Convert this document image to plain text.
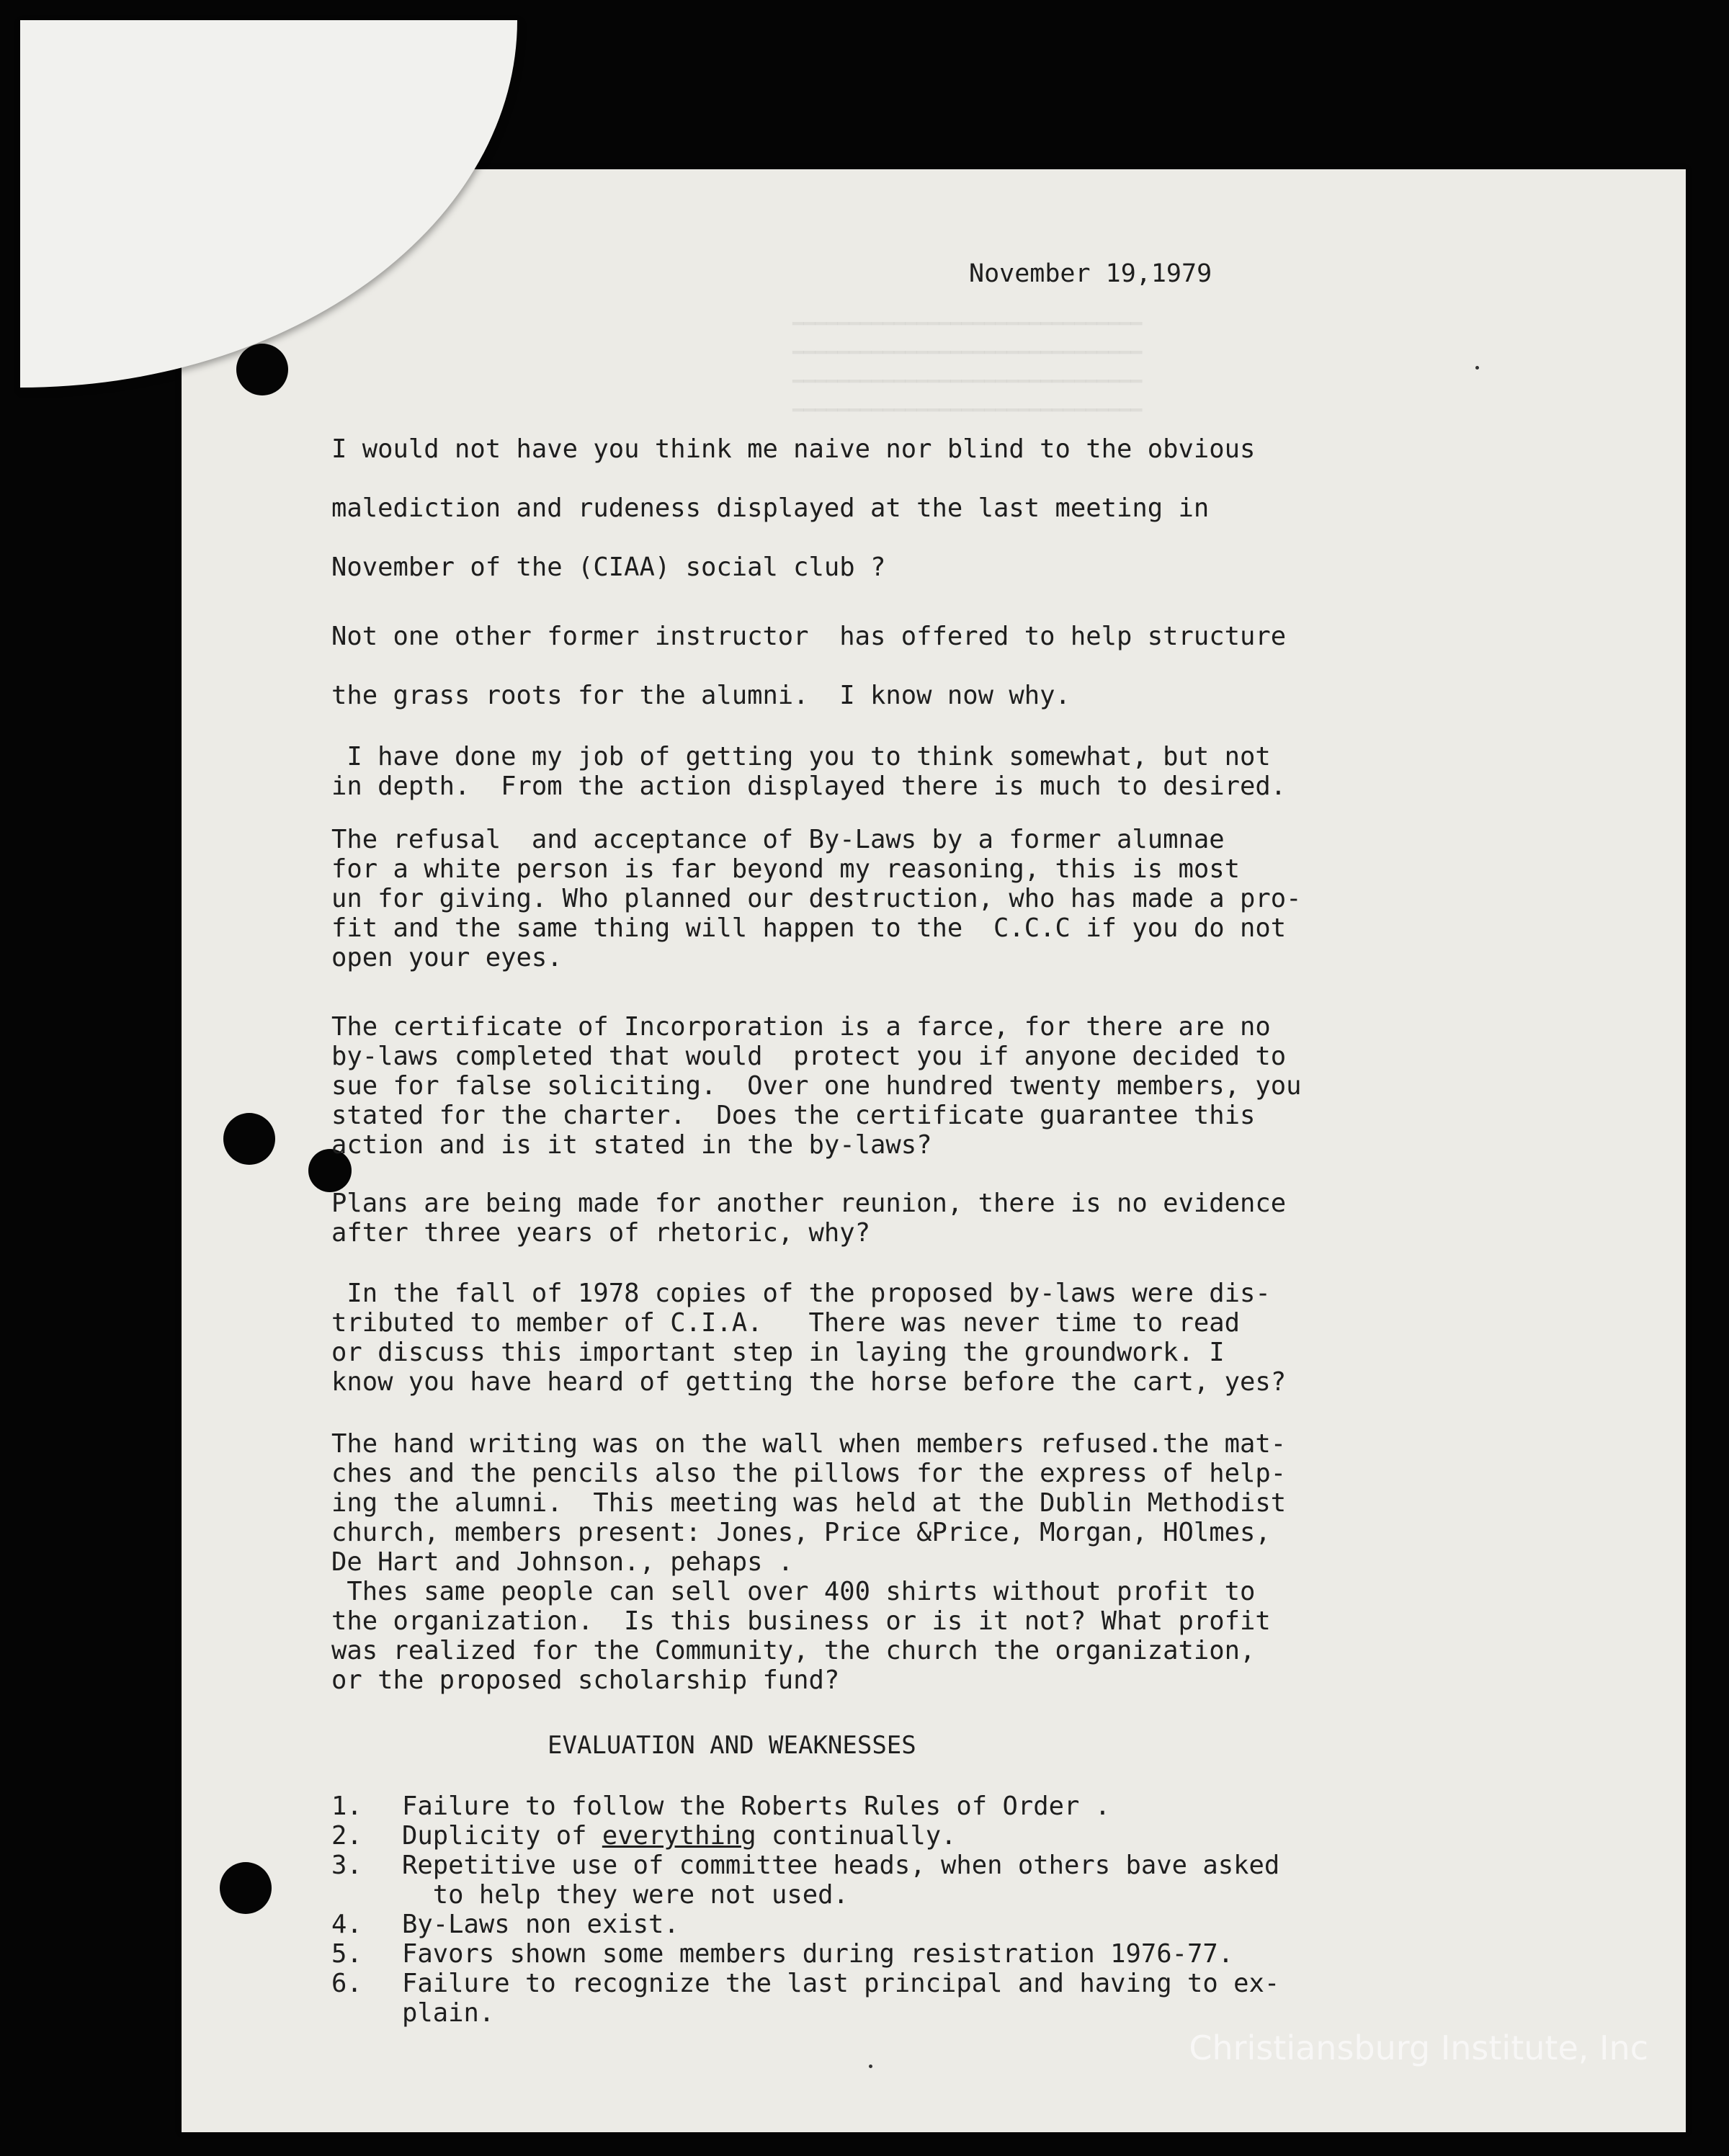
━━━━━━━━━━━━━━━━━━━━━━━━━━━━━━━
━━━━━━━━━━━━━━━━━━━━━━━━━━━━━━━
━━━━━━━━━━━━━━━━━━━━━━━━━━━━━━━
━━━━━━━━━━━━━━━━━━━━━━━━━━━━━━━
November 19,1979
I would not have you think me naive nor blind to the obvious
malediction and rudeness displayed at the last meeting in
November of the (CIAA) social club ?
Not one other former instructor  has offered to help structure
the grass roots for the alumni.  I know now why.
I have done my job of getting you to think somewhat, but not
in depth.  From the action displayed there is much to desired.
The refusal  and acceptance of By-Laws by a former alumnae
for a white person is far beyond my reasoning, this is most
un for giving. Who planned our destruction, who has made a pro-
fit and the same thing will happen to the  C.C.C if you do not
open your eyes.
The certificate of Incorporation is a farce, for there are no
by-laws completed that would  protect you if anyone decided to
sue for false soliciting.  Over one hundred twenty members, you
stated for the charter.  Does the certificate guarantee this
action and is it stated in the by-laws?
Plans are being made for another reunion, there is no evidence
after three years of rhetoric, why?
In the fall of 1978 copies of the proposed by-laws were dis-
tributed to member of C.I.A.   There was never time to read
or discuss this important step in laying the groundwork. I
know you have heard of getting the horse before the cart, yes?
The hand writing was on the wall when members refused.the mat-
ches and the pencils also the pillows for the express of help-
ing the alumni.  This meeting was held at the Dublin Methodist
church, members present: Jones, Price &Price, Morgan, HOlmes,
De Hart and Johnson., pehaps .
Thes same people can sell over 400 shirts without profit to
the organization.  Is this business or is it not? What profit
was realized for the Community, the church the organization,
or the proposed scholarship fund?
EVALUATION AND WEAKNESSES
1.	Failure to follow the Roberts Rules of Order .
2.	Duplicity of everything continually.
3.	Repetitive use of committee heads, when others bave asked
to help they were not used.
4.	By-Laws non exist.
5.	Favors shown some members during resistration 1976-77.
6.	Failure to recognize the last principal and having to ex-
plain.
Christiansburg Institute, Inc
